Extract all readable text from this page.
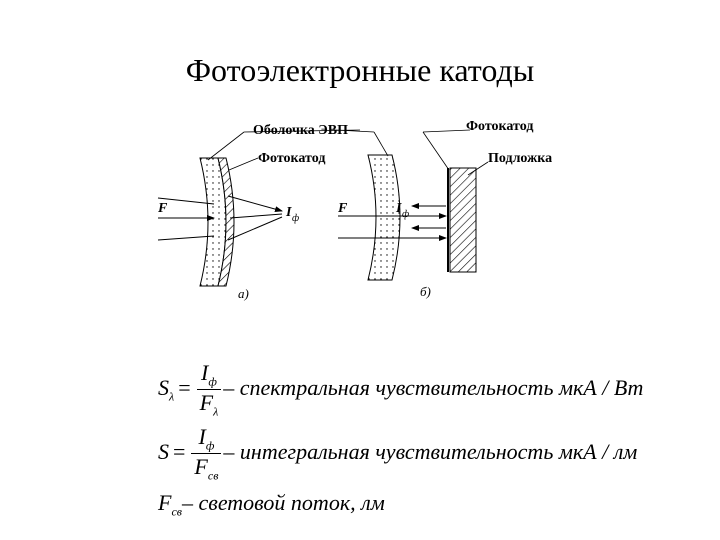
Фотоэлектронные катоды
Оболочка ЭВП
Фотокатод
F	I ф
а)
Фотокатод
Подложка
F	I ф
б)
$S_\lambda = \frac{I_ф}{F_\lambda}$ – спектральная чувствительность мкА / Вт
$S = \frac{I_ф}{F_{св}}$ – интегральная чувствительность мкА / лм
$F_{св}-$ световой поток, лм
